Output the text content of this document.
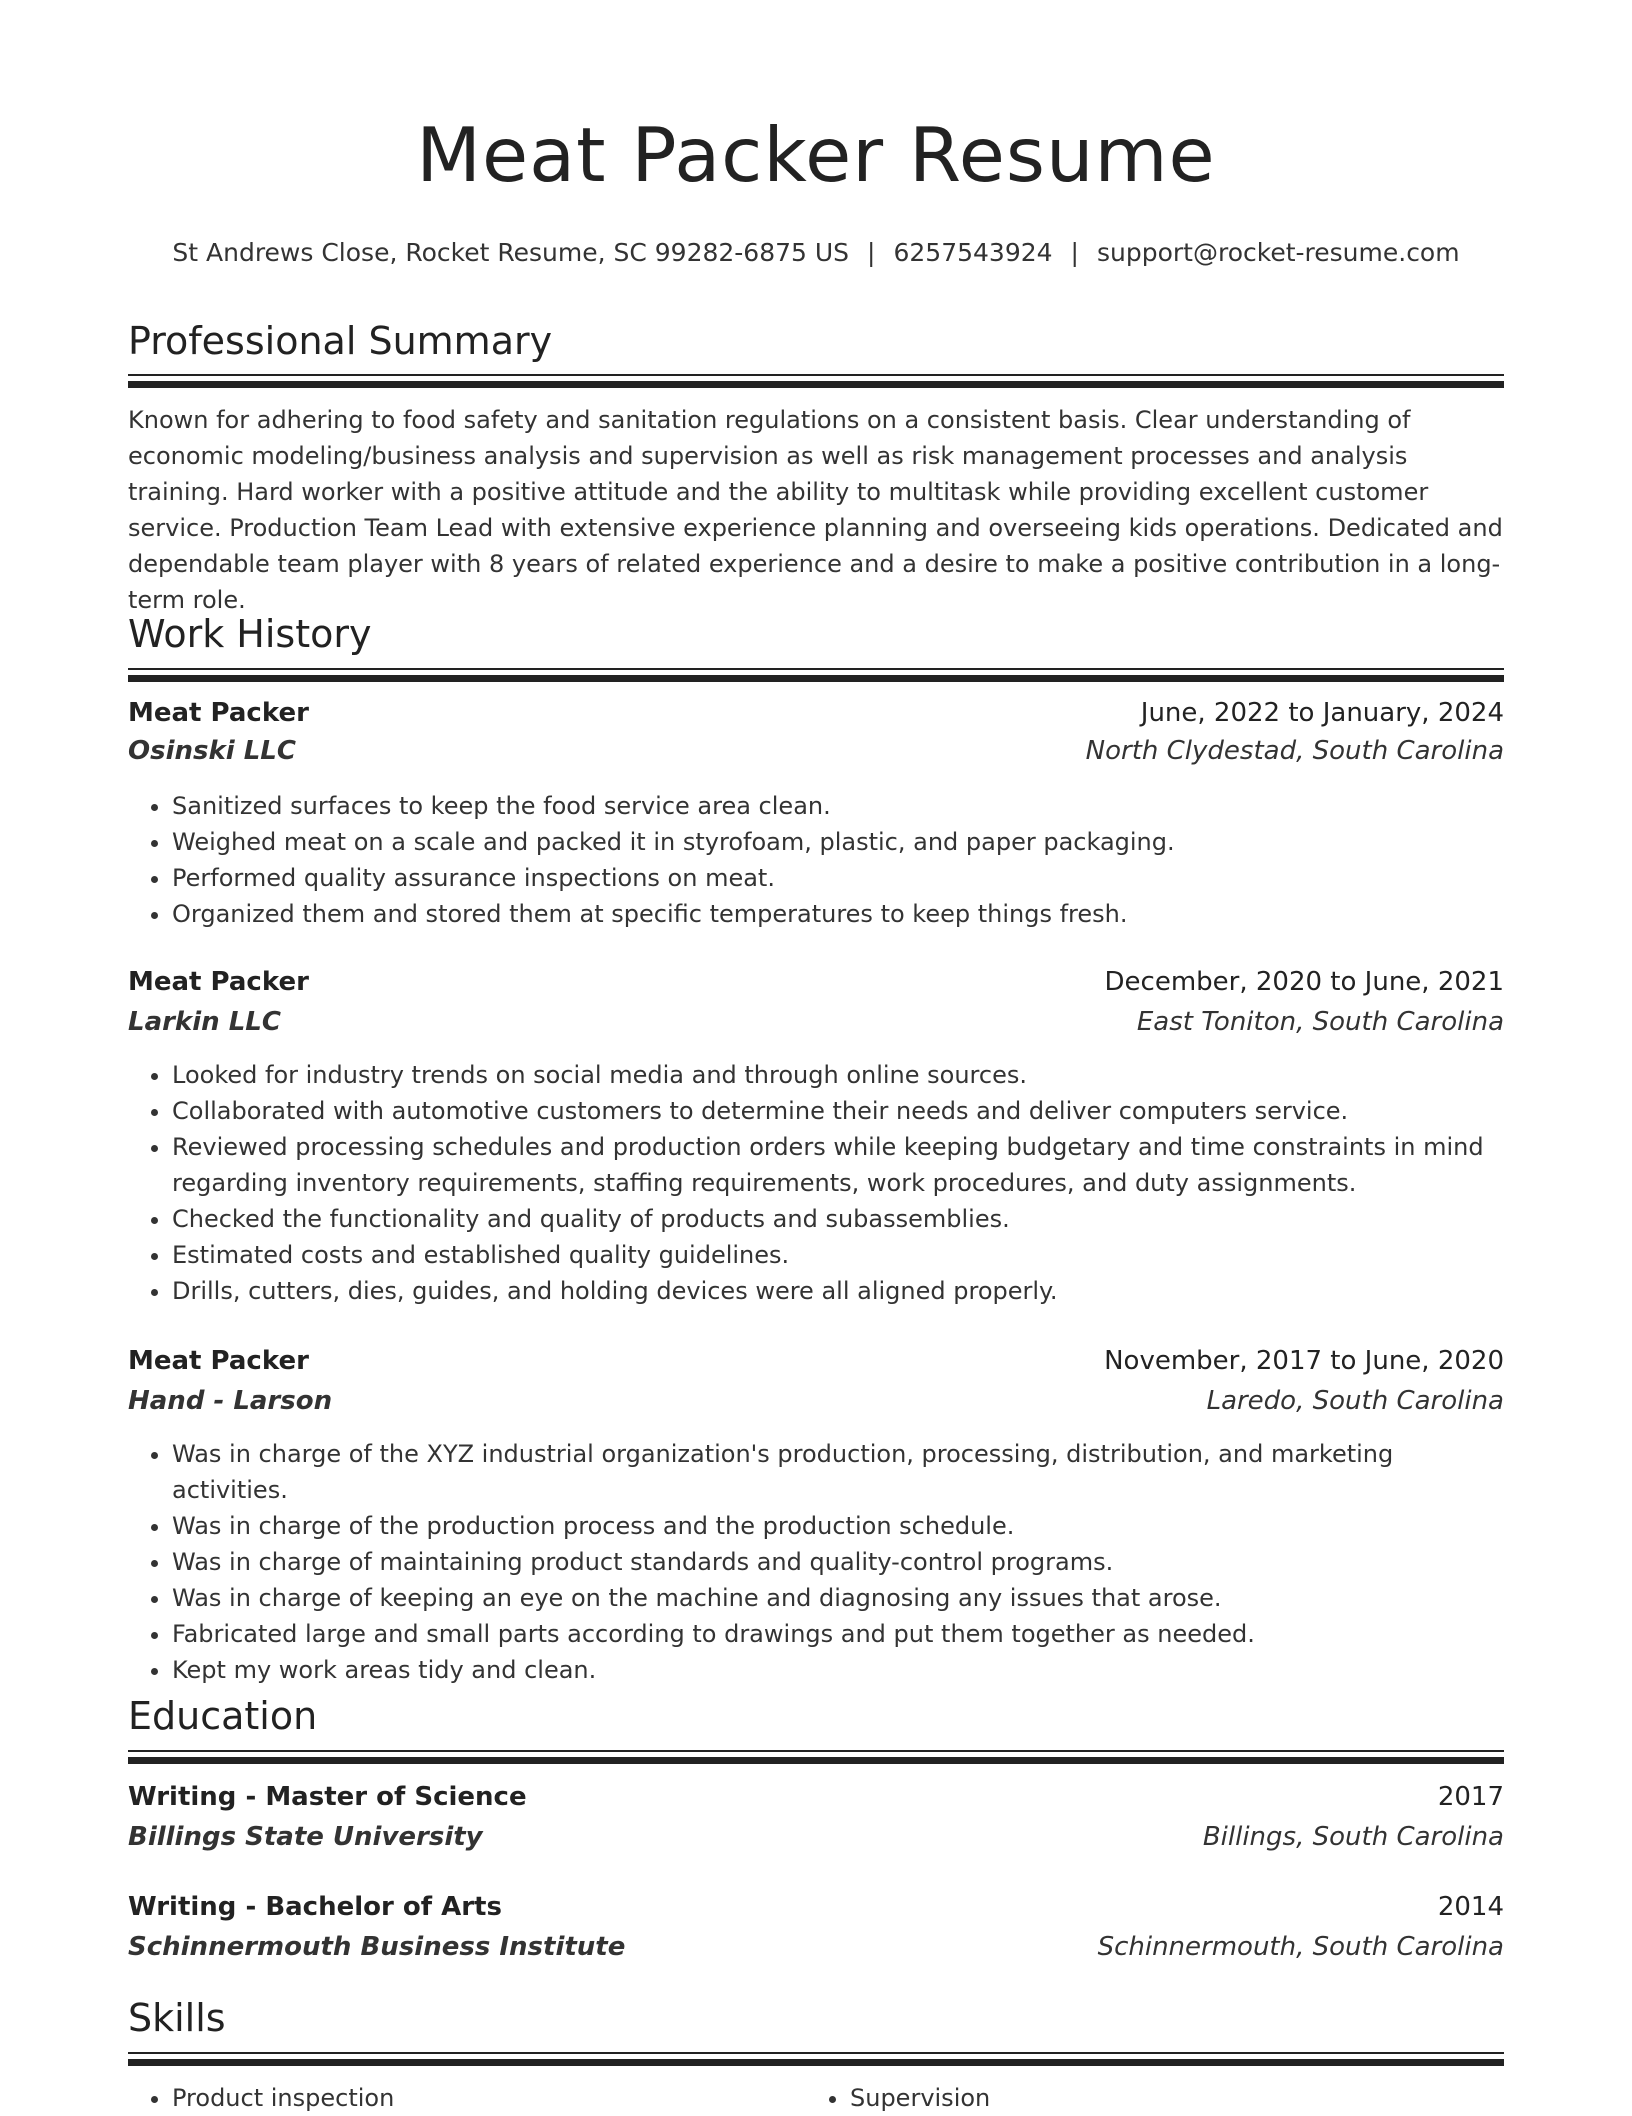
Meat Packer Resume
St Andrews Close, Rocket Resume, SC 99282-6875 US | 6257543924 | support@rocket-resume.com
Professional Summary

Known for adhering to food safety and sanitation regulations on a consistent basis. Clear understanding of economic modeling/business analysis and supervision as well as risk management processes and analysis training. Hard worker with a positive attitude and the ability to multitask while providing excellent customer service. Production Team Lead with extensive experience planning and overseeing kids operations. Dedicated and dependable team player with 8 years of related experience and a desire to make a positive contribution in a long-term role.

Work History
Meat Packer	June, 2022 to January, 2024
Osinski LLC	North Clydestad, South Carolina
• Sanitized surfaces to keep the food service area clean.
• Weighed meat on a scale and packed it in styrofoam, plastic, and paper packaging.
• Performed quality assurance inspections on meat.
• Organized them and stored them at specific temperatures to keep things fresh.
Meat Packer	December, 2020 to June, 2021
Larkin LLC	East Toniton, South Carolina
• Looked for industry trends on social media and through online sources.
• Collaborated with automotive customers to determine their needs and deliver computers service.
• Reviewed processing schedules and production orders while keeping budgetary and time constraints in mind regarding inventory requirements, staffing requirements, work procedures, and duty assignments.
• Checked the functionality and quality of products and subassemblies.
• Estimated costs and established quality guidelines.
• Drills, cutters, dies, guides, and holding devices were all aligned properly.
Meat Packer	November, 2017 to June, 2020
Hand - Larson	Laredo, South Carolina
• Was in charge of the XYZ industrial organization's production, processing, distribution, and marketing activities.
• Was in charge of the production process and the production schedule.
• Was in charge of maintaining product standards and quality-control programs.
• Was in charge of keeping an eye on the machine and diagnosing any issues that arose.
• Fabricated large and small parts according to drawings and put them together as needed.
• Kept my work areas tidy and clean.
Education
Writing - Master of Science	2017
Billings State University	Billings, South Carolina
Writing - Bachelor of Arts	2014
Schinnermouth Business Institute	Schinnermouth, South Carolina
Skills
• Product inspection
•	Supervision
